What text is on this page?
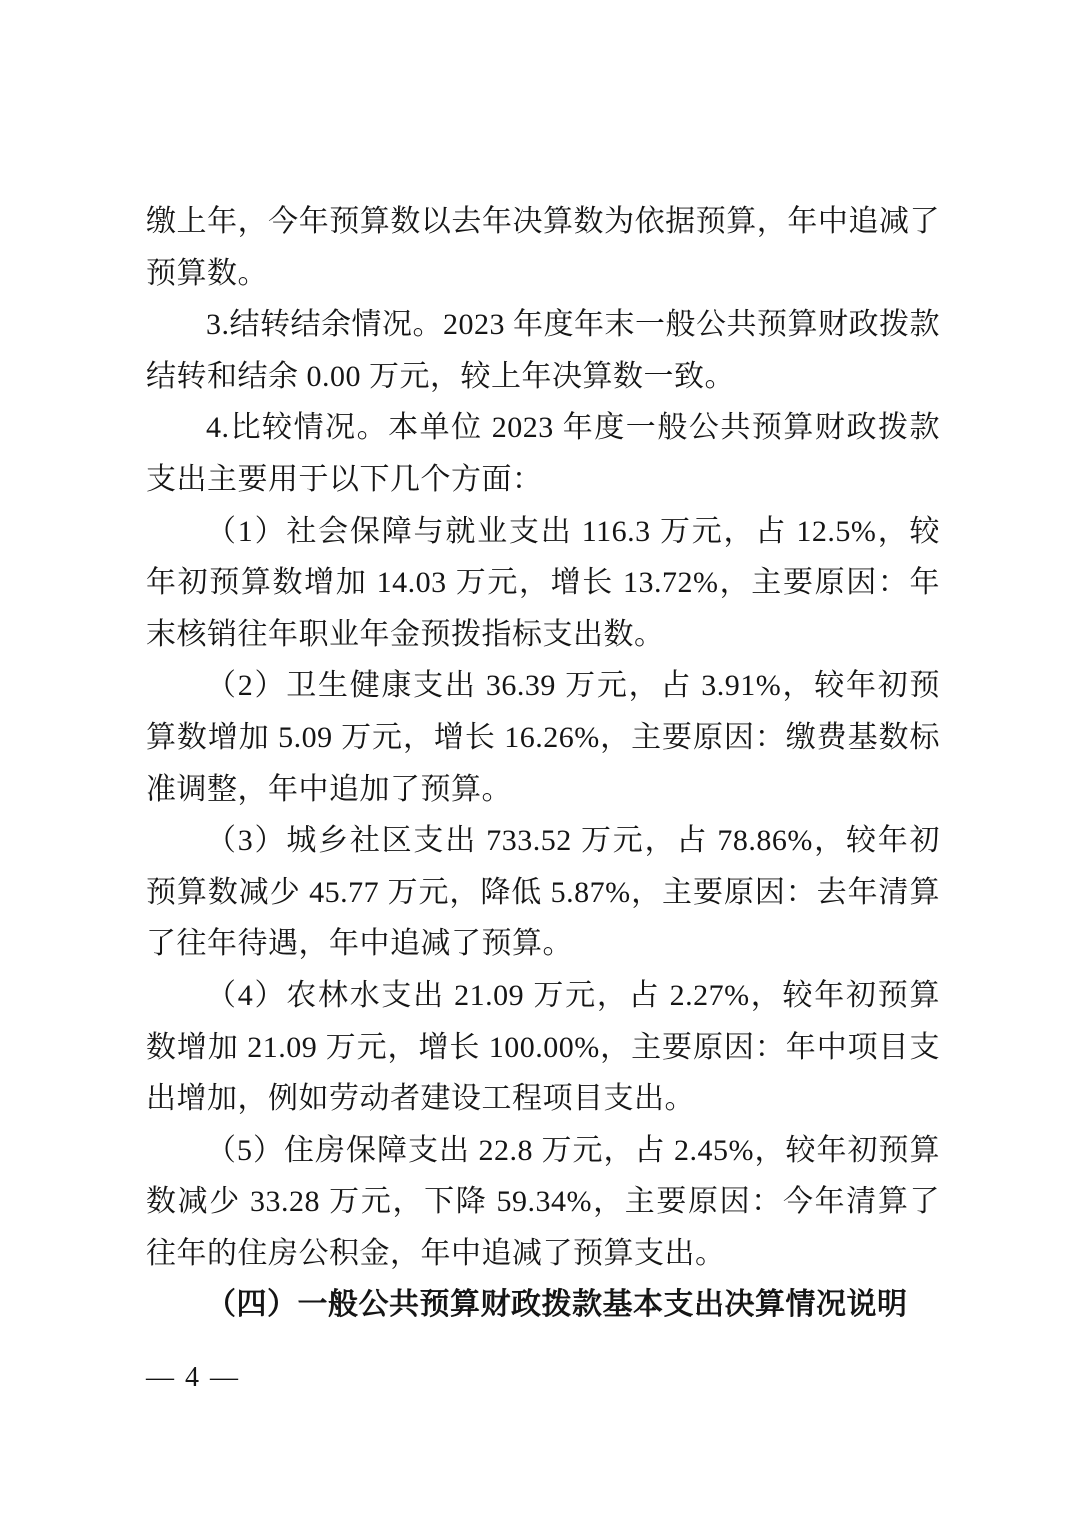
缴上年，今年预算数以去年决算数为依据预算，年中追减了预算数。

3.结转结余情况。2023 年度年末一般公共预算财政拨款结转和结余 0.00 万元，较上年决算数一致。

4.比较情况。本单位 2023 年度一般公共预算财政拨款支出主要用于以下几个方面：

（1）社会保障与就业支出 116.3 万元，占 12.5%，较年初预算数增加 14.03 万元，增长 13.72%，主要原因：年末核销往年职业年金预拨指标支出数。

（2）卫生健康支出 36.39 万元，占 3.91%，较年初预算数增加 5.09 万元，增长 16.26%，主要原因：缴费基数标准调整，年中追加了预算。

（3）城乡社区支出 733.52 万元，占 78.86%，较年初预算数减少 45.77 万元，降低 5.87%，主要原因：去年清算了往年待遇，年中追减了预算。

（4）农林水支出 21.09 万元，占 2.27%，较年初预算数增加 21.09 万元，增长 100.00%，主要原因：年中项目支出增加，例如劳动者建设工程项目支出。

（5）住房保障支出 22.8 万元，占 2.45%，较年初预算数减少 33.28 万元，下降 59.34%，主要原因：今年清算了往年的住房公积金，年中追减了预算支出。

（四）一般公共预算财政拨款基本支出决算情况说明

— 4 —
